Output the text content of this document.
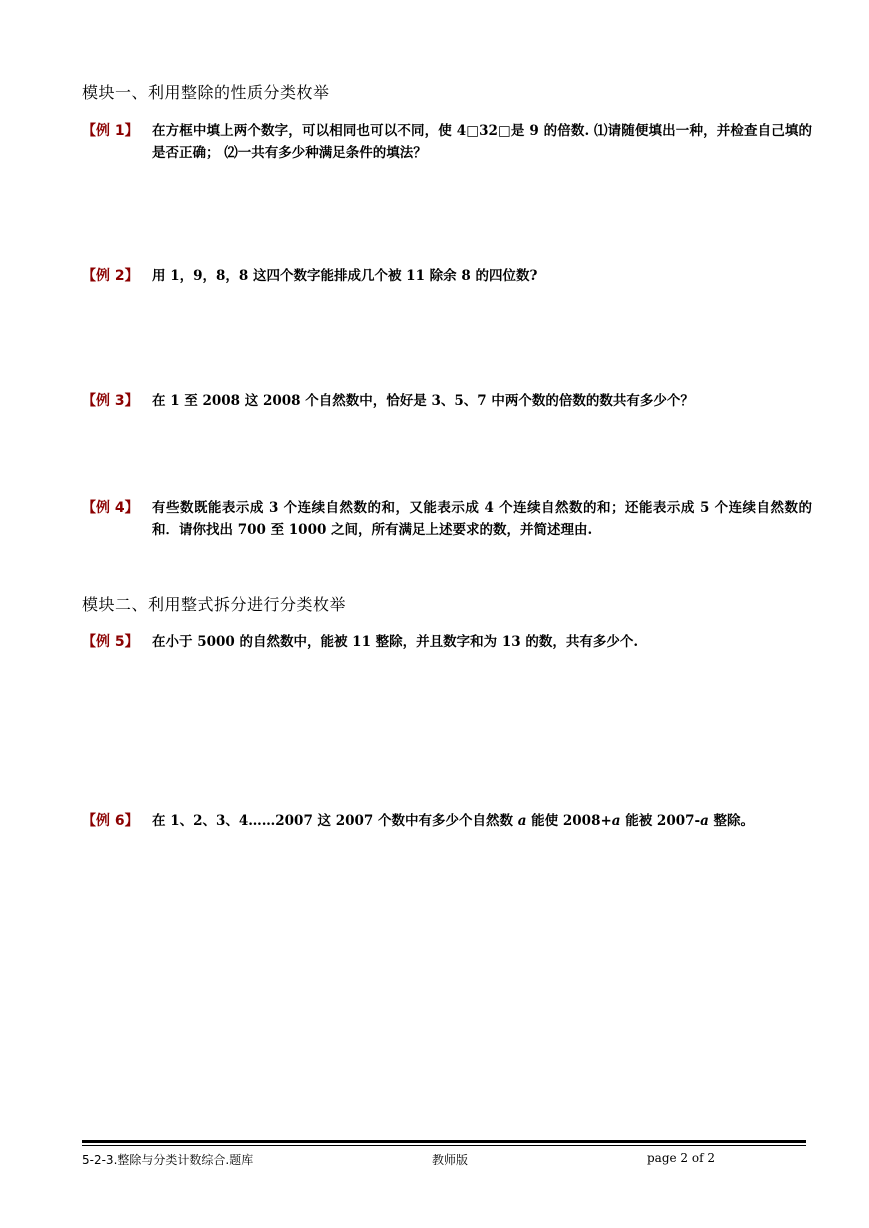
模块一、利用整除的性质分类枚举
【例 1】 在方框中填上两个数字，可以相同也可以不同，使 4□32□是 9 的倍数. ⑴请随便填出一种，并检查自己填的是否正确； ⑵一共有多少种满足条件的填法？
【例 2】 用 1，9，8，8 这四个数字能排成几个被 11 除余 8 的四位数?
【例 3】 在 1 至 2008 这 2008 个自然数中，恰好是 3、5、7 中两个数的倍数的数共有多少个？
【例 4】 有些数既能表示成 3 个连续自然数的和，又能表示成 4 个连续自然数的和；还能表示成 5 个连续自然数的和．请你找出 700 至 1000 之间，所有满足上述要求的数，并简述理由.
模块二、利用整式拆分进行分类枚举
【例 5】 在小于 5000 的自然数中，能被 11 整除，并且数字和为 13 的数，共有多少个.
【例 6】 在 1、2、3、4……2007 这 2007 个数中有多少个自然数 a 能使 2008+a 能被 2007-a 整除。
5-2-3.整除与分类计数综合.题库	教师版	page 2 of 2
